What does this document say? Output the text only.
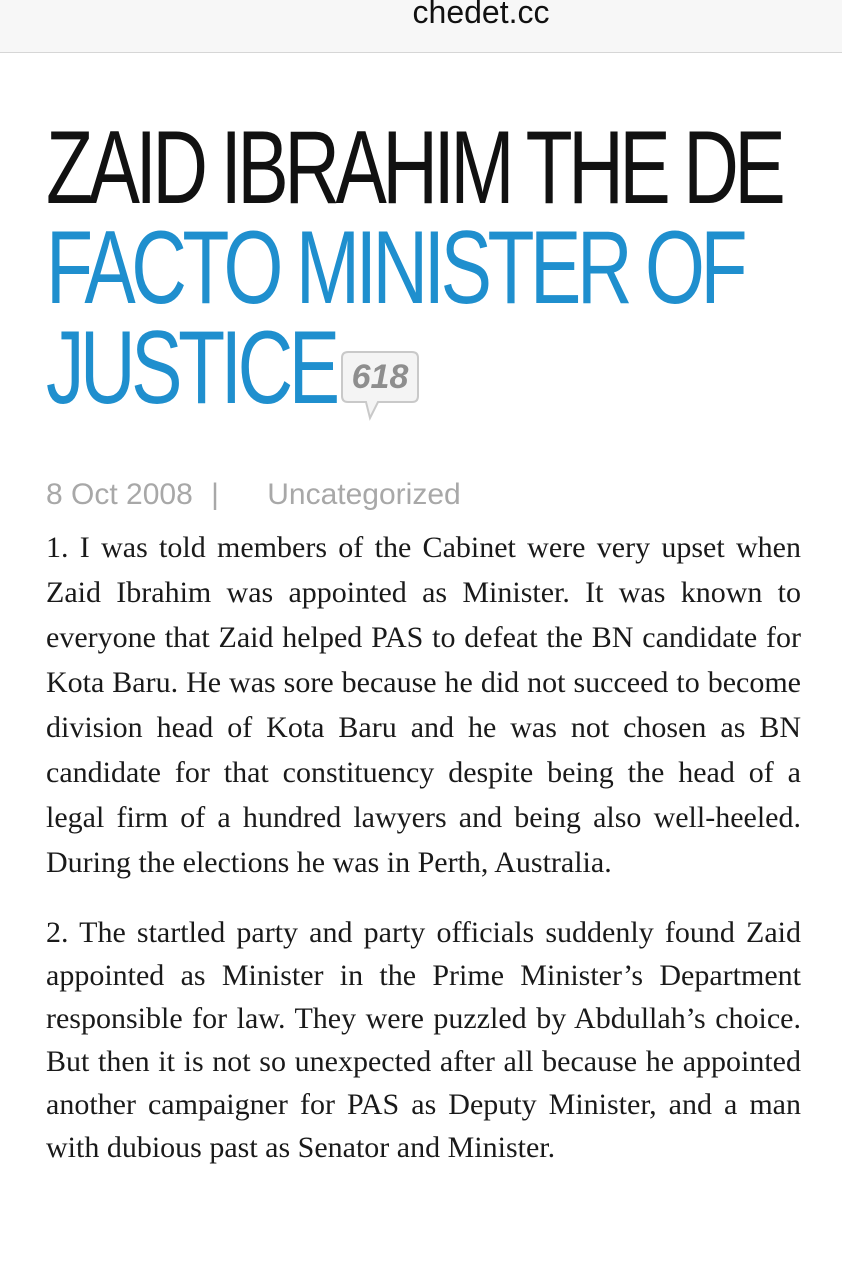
chedet.cc
ZAID IBRAHIM THE DE
FACTO MINISTER OF
JUSTICE 618
8 Oct 2008 | Uncategorized

1. I was told members of the Cabinet were very upset when Zaid Ibrahim was appointed as Minister. It was known to everyone that Zaid helped PAS to defeat the BN candidate for Kota Baru. He was sore because he did not succeed to become division head of Kota Baru and he was not chosen as BN candidate for that constituency despite being the head of a legal firm of a hundred lawyers and being also well-heeled. During the elections he was in Perth, Australia.

2. The startled party and party officials suddenly found Zaid appointed as Minister in the Prime Minister’s Department responsible for law. They were puzzled by Abdullah’s choice. But then it is not so unexpected after all because he appointed another campaigner for PAS as Deputy Minister, and a man with dubious past as Senator and Minister.
